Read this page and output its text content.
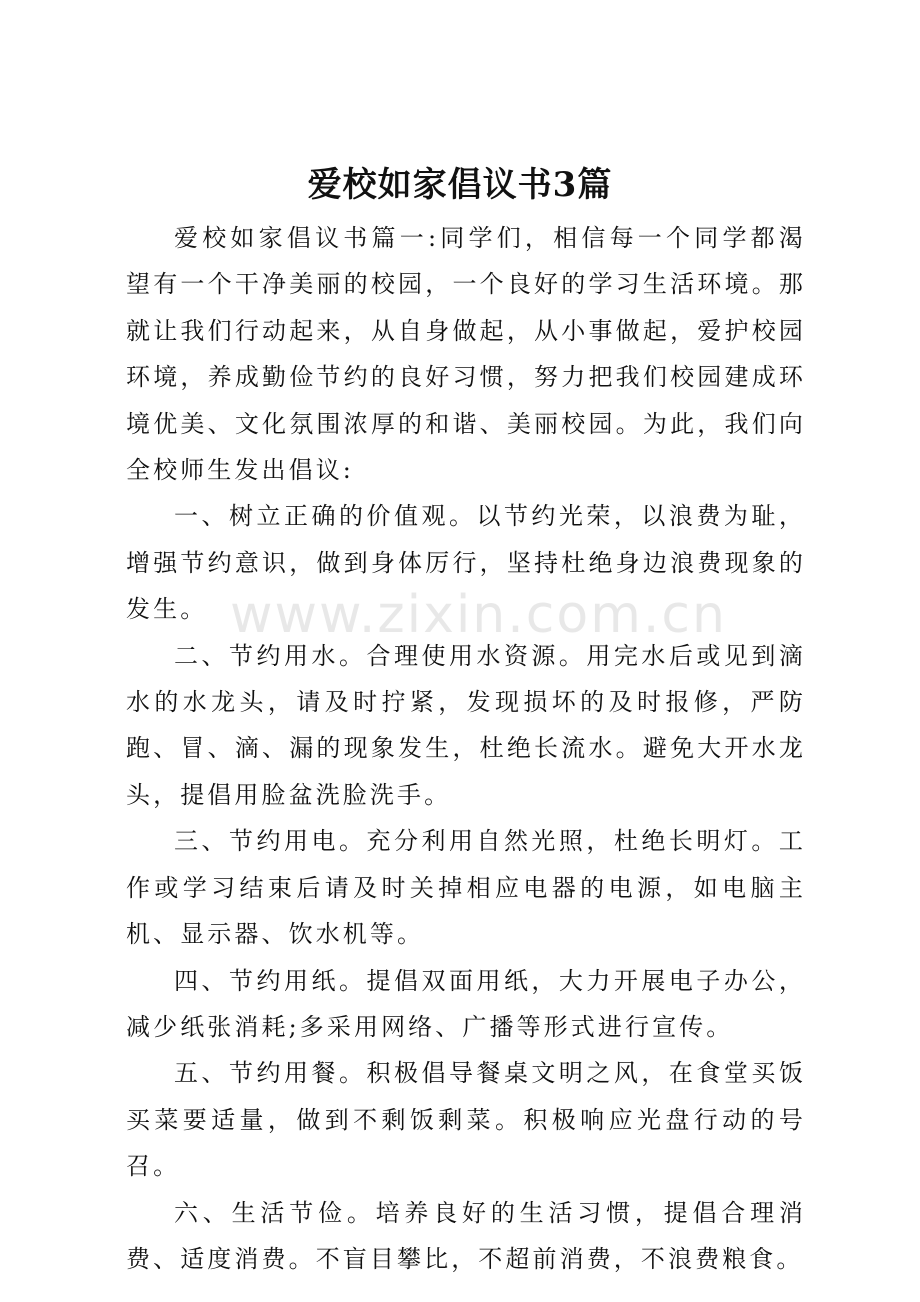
爱校如家倡议书3篇
www.zixin.com.cn

爱校如家倡议书篇一:同学们，相信每一个同学都渴望有一个干净美丽的校园，一个良好的学习生活环境。那就让我们行动起来，从自身做起，从小事做起，爱护校园环境，养成勤俭节约的良好习惯，努力把我们校园建成环境优美、文化氛围浓厚的和谐、美丽校园。为此，我们向全校师生发出倡议:

一、树立正确的价值观。以节约光荣，以浪费为耻，增强节约意识，做到身体厉行，坚持杜绝身边浪费现象的发生。

二、节约用水。合理使用水资源。用完水后或见到滴水的水龙头，请及时拧紧，发现损坏的及时报修，严防跑、冒、滴、漏的现象发生，杜绝长流水。避免大开水龙头，提倡用脸盆洗脸洗手。

三、节约用电。充分利用自然光照，杜绝长明灯。工作或学习结束后请及时关掉相应电器的电源，如电脑主机、显示器、饮水机等。

四、节约用纸。提倡双面用纸，大力开展电子办公，减少纸张消耗;多采用网络、广播等形式进行宣传。

五、节约用餐。积极倡导餐桌文明之风，在食堂买饭买菜要适量，做到不剩饭剩菜。积极响应光盘行动的号召。

六、生活节俭。培养良好的生活习惯，提倡合理消费、适度消费。不盲目攀比，不超前消费，不浪费粮食。
